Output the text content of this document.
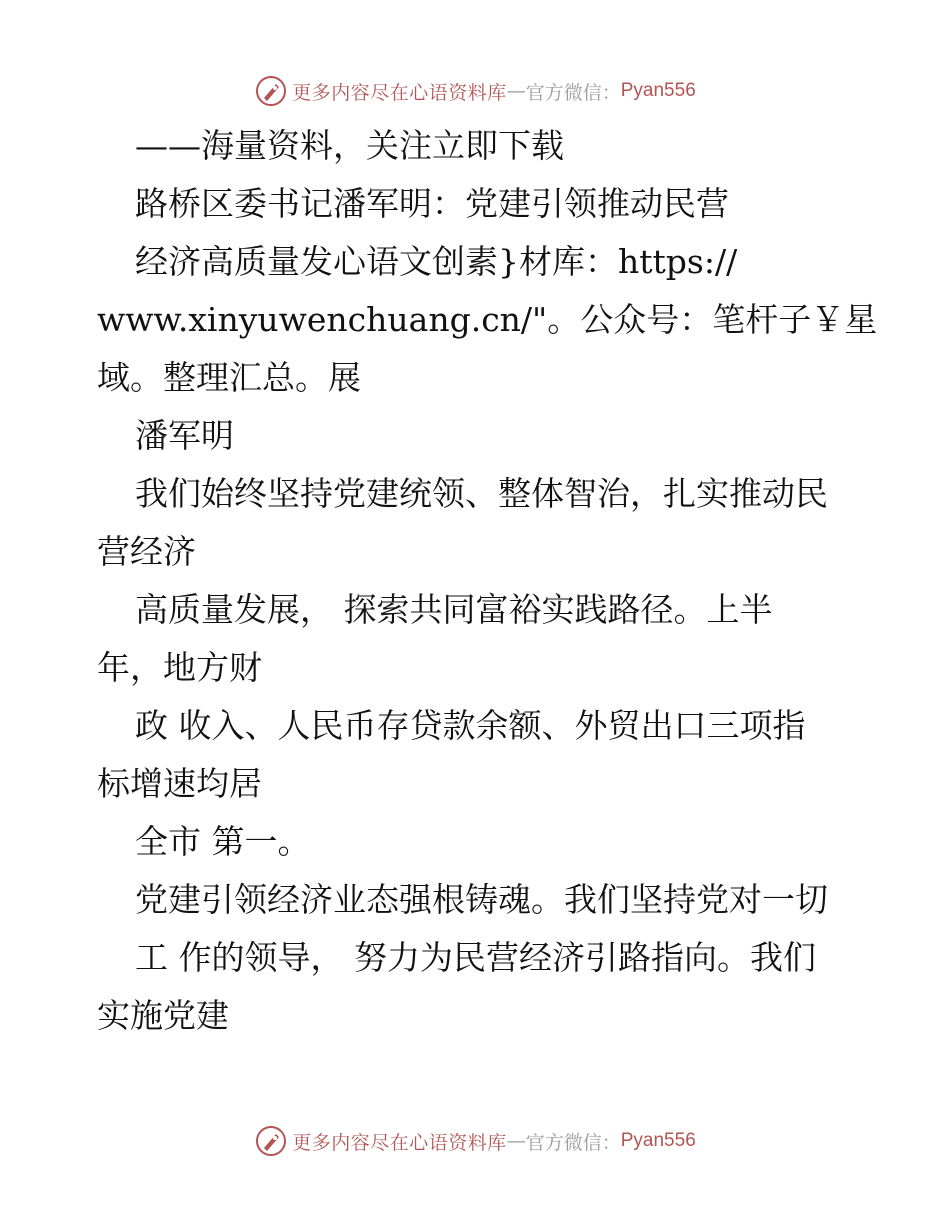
更多内容尽在心语资料库 — 官方微信： Pyan556
——海量资料，关注立即下载
路桥区委书记潘军明：党建引领推动民营
经济高质量发心语文创素}材库：https://
www.xinyuwenchuang.cn/"。公众号：笔杆子￥星
域。整理汇总。展
潘军明
我们始终坚持党建统领、整体智治，扎实推动民
营经济
高质量发展， 探索共同富裕实践路径。上半
年，地方财
政 收入、人民币存贷款余额、外贸出口三项指
标增速均居
全市 第一。
党建引领经济业态强根铸魂。我们坚持党对一切
工 作的领导， 努力为民营经济引路指向。我们
实施党建
更多内容尽在心语资料库 — 官方微信： Pyan556
